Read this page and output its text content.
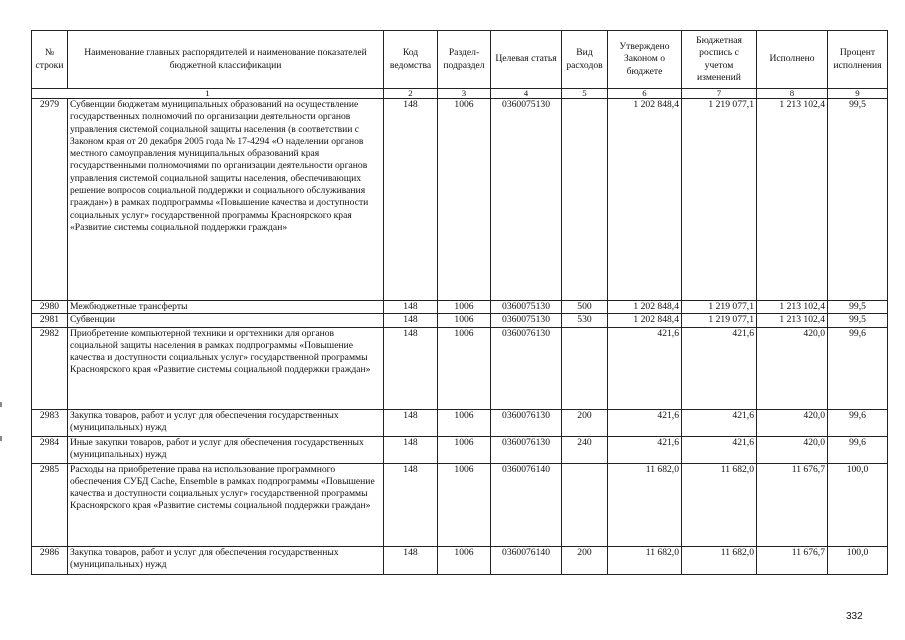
№ строки	Наименование главных распорядителей и наименование показателей бюджетной классификации	Код ведомства	Раздел-подраздел	Целевая статья	Вид расходов	Утверждено Законом о бюджете	Бюджетная роспись с учетом изменений	Исполнено	Процент исполнения
1		2	3	4	5	6	7	8	9
2979	Субвенции бюджетам муниципальных образований на осуществление государственных полномочий по организации деятельности органов управления системой социальной защиты населения (в соответствии с Законом края от 20 декабря 2005 года № 17-4294 «О наделении органов местного самоуправления муниципальных образований края государственными полномочиями по организации деятельности органов управления системой социальной защиты населения, обеспечивающих решение вопросов социальной поддержки и социального обслуживания граждан») в рамках подпрограммы «Повышение качества и доступности социальных услуг» государственной программы Красноярского края «Развитие системы социальной поддержки граждан»	148	1006	0360075130		1 202 848,4	1 219 077,1	1 213 102,4	99,5
2980	Межбюджетные трансферты	148	1006	0360075130	500	1 202 848,4	1 219 077,1	1 213 102,4	99,5
2981	Субвенции	148	1006	0360075130	530	1 202 848,4	1 219 077,1	1 213 102,4	99,5
2982	Приобретение компьютерной техники и оргтехники для органов социальной защиты населения в рамках подпрограммы «Повышение качества и доступности социальных услуг» государственной программы Красноярского края «Развитие системы социальной поддержки граждан»	148	1006	0360076130		421,6	421,6	420,0	99,6
2983	Закупка товаров, работ и услуг для обеспечения государственных (муниципальных) нужд	148	1006	0360076130	200	421,6	421,6	420,0	99,6
2984	Иные закупки товаров, работ и услуг для обеспечения государственных (муниципальных) нужд	148	1006	0360076130	240	421,6	421,6	420,0	99,6
2985	Расходы на приобретение права на использование программного обеспечения СУБД Cache, Ensemble в рамках подпрограммы «Повышение качества и доступности социальных услуг» государственной программы Красноярского края «Развитие системы социальной поддержки граждан»	148	1006	0360076140		11 682,0	11 682,0	11 676,7	100,0
2986	Закупка товаров, работ и услуг для обеспечения государственных (муниципальных) нужд	148	1006	0360076140	200	11 682,0	11 682,0	11 676,7	100,0
332
